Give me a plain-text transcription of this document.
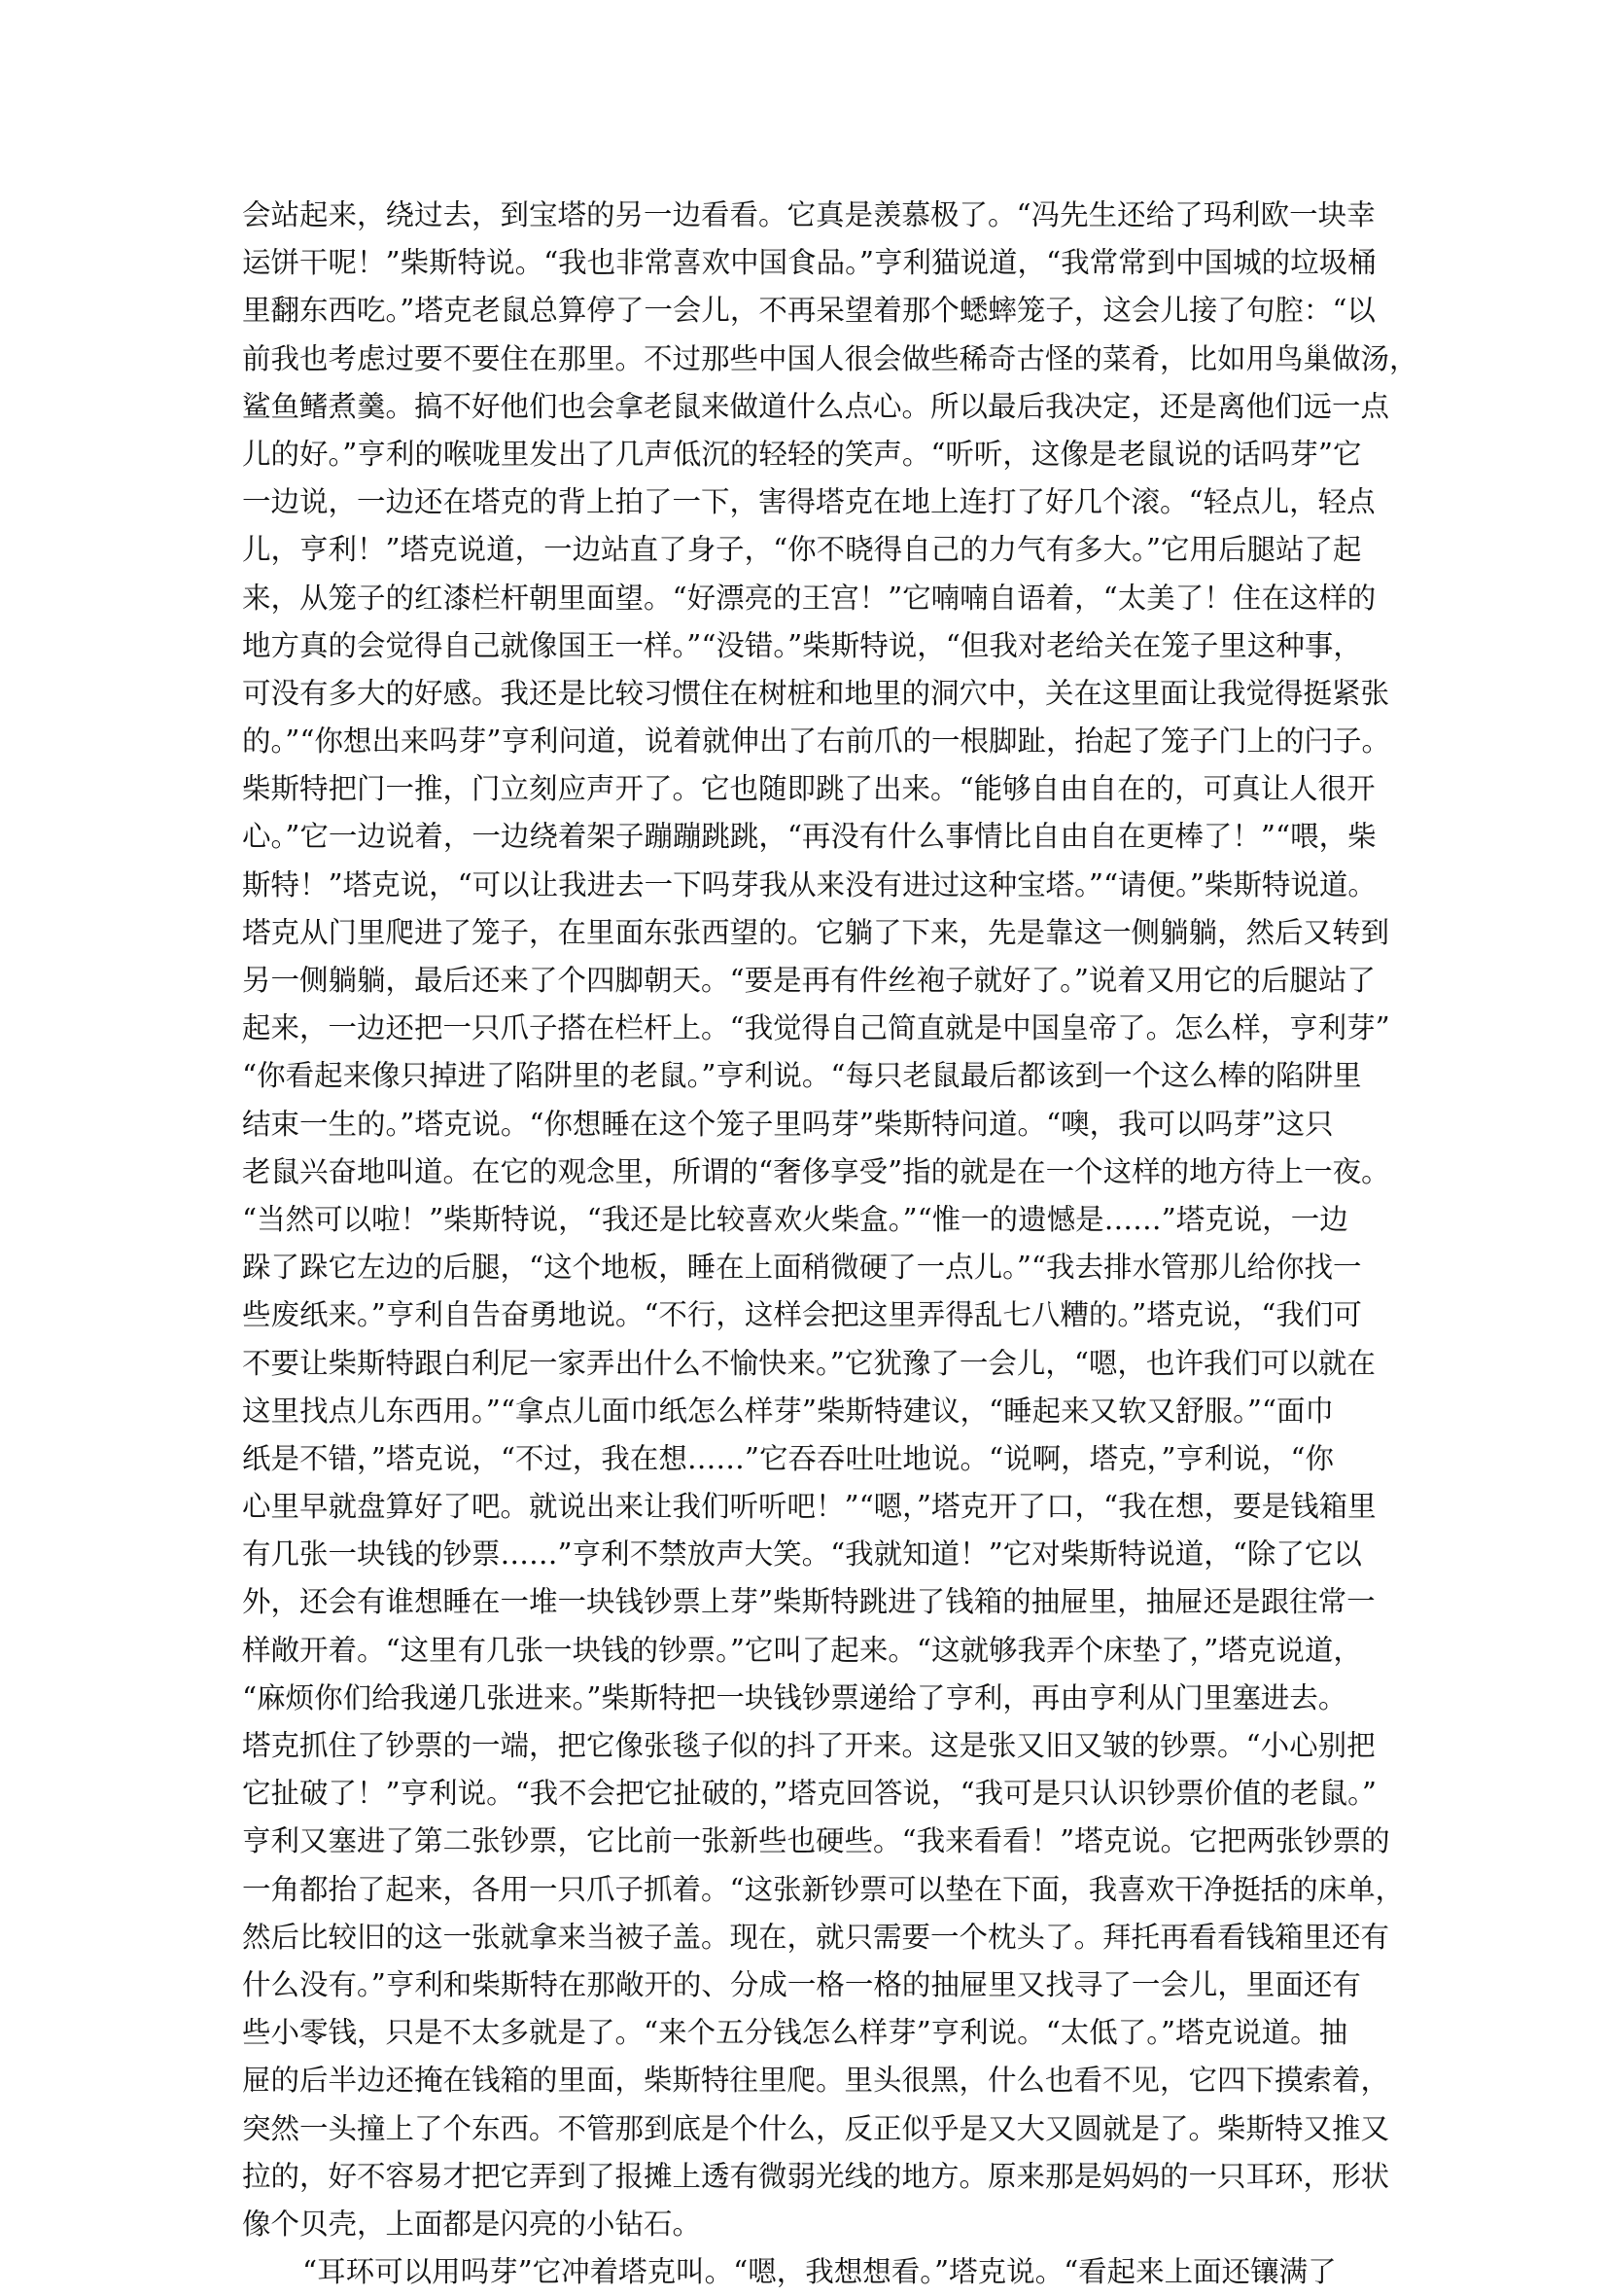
会站起来，绕过去，到宝塔的另一边看看。它真是羡慕极了。“冯先生还给了玛利欧一块幸
运饼干呢！”柴斯特说。“我也非常喜欢中国食品。”亨利猫说道，“我常常到中国城的垃圾桶
里翻东西吃。”塔克老鼠总算停了一会儿，不再呆望着那个蟋蟀笼子，这会儿接了句腔：“以
前我也考虑过要不要住在那里。不过那些中国人很会做些稀奇古怪的菜肴，比如用鸟巢做汤，
鲨鱼鳍煮羹。搞不好他们也会拿老鼠来做道什么点心。所以最后我决定，还是离他们远一点
儿的好。”亨利的喉咙里发出了几声低沉的轻轻的笑声。“听听，这像是老鼠说的话吗芽”它
一边说，一边还在塔克的背上拍了一下，害得塔克在地上连打了好几个滚。“轻点儿，轻点
儿，亨利！”塔克说道，一边站直了身子，“你不晓得自己的力气有多大。”它用后腿站了起
来，从笼子的红漆栏杆朝里面望。“好漂亮的王宫！”它喃喃自语着，“太美了！住在这样的
地方真的会觉得自己就像国王一样。”“没错。”柴斯特说，“但我对老给关在笼子里这种事，
可没有多大的好感。我还是比较习惯住在树桩和地里的洞穴中，关在这里面让我觉得挺紧张
的。”“你想出来吗芽”亨利问道，说着就伸出了右前爪的一根脚趾，抬起了笼子门上的闩子。
柴斯特把门一推，门立刻应声开了。它也随即跳了出来。“能够自由自在的，可真让人很开
心。”它一边说着，一边绕着架子蹦蹦跳跳，“再没有什么事情比自由自在更棒了！”“喂，柴
斯特！”塔克说，“可以让我进去一下吗芽我从来没有进过这种宝塔。”“请便。”柴斯特说道。
塔克从门里爬进了笼子，在里面东张西望的。它躺了下来，先是靠这一侧躺躺，然后又转到
另一侧躺躺，最后还来了个四脚朝天。“要是再有件丝袍子就好了。”说着又用它的后腿站了
起来，一边还把一只爪子搭在栏杆上。“我觉得自己简直就是中国皇帝了。怎么样，亨利芽”
“你看起来像只掉进了陷阱里的老鼠。”亨利说。“每只老鼠最后都该到一个这么棒的陷阱里
结束一生的。”塔克说。“你想睡在这个笼子里吗芽”柴斯特问道。“噢，我可以吗芽”这只
老鼠兴奋地叫道。在它的观念里，所谓的“奢侈享受”指的就是在一个这样的地方待上一夜。
“当然可以啦！”柴斯特说，“我还是比较喜欢火柴盒。”“惟一的遗憾是……”塔克说，一边
跺了跺它左边的后腿，“这个地板，睡在上面稍微硬了一点儿。”“我去排水管那儿给你找一
些废纸来。”亨利自告奋勇地说。“不行，这样会把这里弄得乱七八糟的。”塔克说，“我们可
不要让柴斯特跟白利尼一家弄出什么不愉快来。”它犹豫了一会儿，“嗯，也许我们可以就在
这里找点儿东西用。”“拿点儿面巾纸怎么样芽”柴斯特建议，“睡起来又软又舒服。”“面巾
纸是不错，”塔克说，“不过，我在想……”它吞吞吐吐地说。“说啊，塔克，”亨利说，“你
心里早就盘算好了吧。就说出来让我们听听吧！”“嗯，”塔克开了口，“我在想，要是钱箱里
有几张一块钱的钞票……”亨利不禁放声大笑。“我就知道！”它对柴斯特说道，“除了它以
外，还会有谁想睡在一堆一块钱钞票上芽”柴斯特跳进了钱箱的抽屉里，抽屉还是跟往常一
样敞开着。“这里有几张一块钱的钞票。”它叫了起来。“这就够我弄个床垫了，”塔克说道，
“麻烦你们给我递几张进来。”柴斯特把一块钱钞票递给了亨利，再由亨利从门里塞进去。
塔克抓住了钞票的一端，把它像张毯子似的抖了开来。这是张又旧又皱的钞票。“小心别把
它扯破了！”亨利说。“我不会把它扯破的，”塔克回答说，“我可是只认识钞票价值的老鼠。”
亨利又塞进了第二张钞票，它比前一张新些也硬些。“我来看看！”塔克说。它把两张钞票的
一角都抬了起来，各用一只爪子抓着。“这张新钞票可以垫在下面，我喜欢干净挺括的床单，
然后比较旧的这一张就拿来当被子盖。现在，就只需要一个枕头了。拜托再看看钱箱里还有
什么没有。”亨利和柴斯特在那敞开的、分成一格一格的抽屉里又找寻了一会儿，里面还有
些小零钱，只是不太多就是了。“来个五分钱怎么样芽”亨利说。“太低了。”塔克说道。抽
屉的后半边还掩在钱箱的里面，柴斯特往里爬。里头很黑，什么也看不见，它四下摸索着，
突然一头撞上了个东西。不管那到底是个什么，反正似乎是又大又圆就是了。柴斯特又推又
拉的，好不容易才把它弄到了报摊上透有微弱光线的地方。原来那是妈妈的一只耳环，形状
像个贝壳，上面都是闪亮的小钻石。
“耳环可以用吗芽”它冲着塔克叫。“嗯，我想想看。”塔克说。“看起来上面还镶满了
